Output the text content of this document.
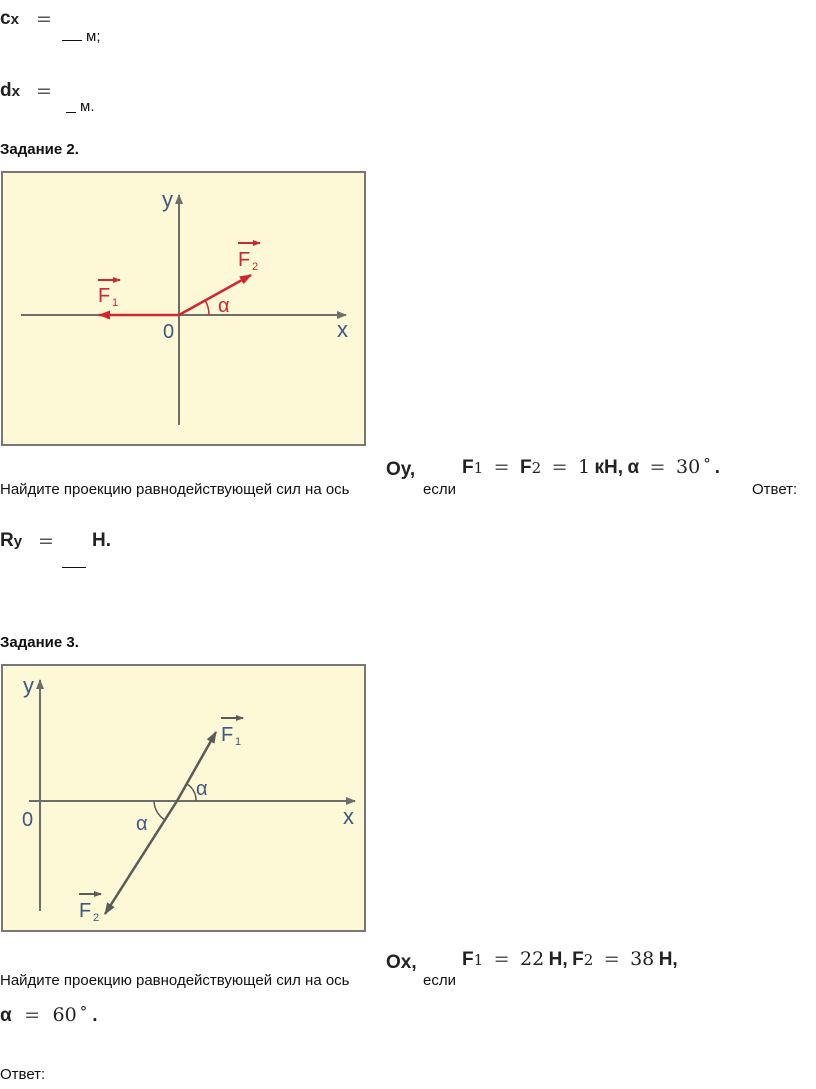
cx =
м;
dx =
м.
Задание 2.
y
x
0
α
F 1
F 2
Найдите проекцию равнодействующей сил на ось
Oy,
если
F1 = F2 = 1 кН, α = 30 ° .
Ответ:
Ry = Н.
Задание 3.
y
x
0
α
α
F 1
F 2
Найдите проекцию равнодействующей сил на ось
Ox,
если
F1 = 22 Н, F2 = 38 Н,
α = 60 ° .
Ответ:
